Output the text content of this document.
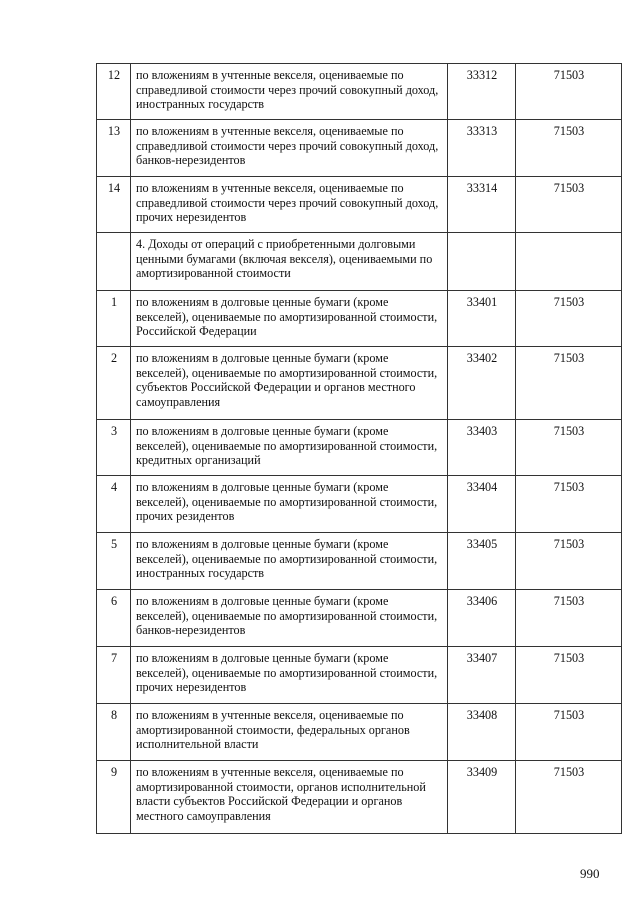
12	по вложениям в учтенные векселя, оцениваемые по справедливой стоимости через прочий совокупный доход, иностранных государств	33312	71503
13	по вложениям в учтенные векселя, оцениваемые по справедливой стоимости через прочий совокупный доход, банков-нерезидентов	33313	71503
14	по вложениям в учтенные векселя, оцениваемые по справедливой стоимости через прочий совокупный доход, прочих нерезидентов	33314	71503
	4. Доходы от операций с приобретенными долговыми ценными бумагами (включая векселя), оцениваемыми по амортизированной стоимости		
1	по вложениям в долговые ценные бумаги (кроме векселей), оцениваемые по амортизированной стоимости, Российской Федерации	33401	71503
2	по вложениям в долговые ценные бумаги (кроме векселей), оцениваемые по амортизированной стоимости, субъектов Российской Федерации и органов местного самоуправления	33402	71503
3	по вложениям в долговые ценные бумаги (кроме векселей), оцениваемые по амортизированной стоимости, кредитных организаций	33403	71503
4	по вложениям в долговые ценные бумаги (кроме векселей), оцениваемые по амортизированной стоимости, прочих резидентов	33404	71503
5	по вложениям в долговые ценные бумаги (кроме векселей), оцениваемые по амортизированной стоимости, иностранных государств	33405	71503
6	по вложениям в долговые ценные бумаги (кроме векселей), оцениваемые по амортизированной стоимости, банков-нерезидентов	33406	71503
7	по вложениям в долговые ценные бумаги (кроме векселей), оцениваемые по амортизированной стоимости, прочих нерезидентов	33407	71503
8	по вложениям в учтенные векселя, оцениваемые по амортизированной стоимости, федеральных органов исполнительной власти	33408	71503
9	по вложениям в учтенные векселя, оцениваемые по амортизированной стоимости, органов исполнительной власти субъектов Российской Федерации и органов местного самоуправления	33409	71503
990
